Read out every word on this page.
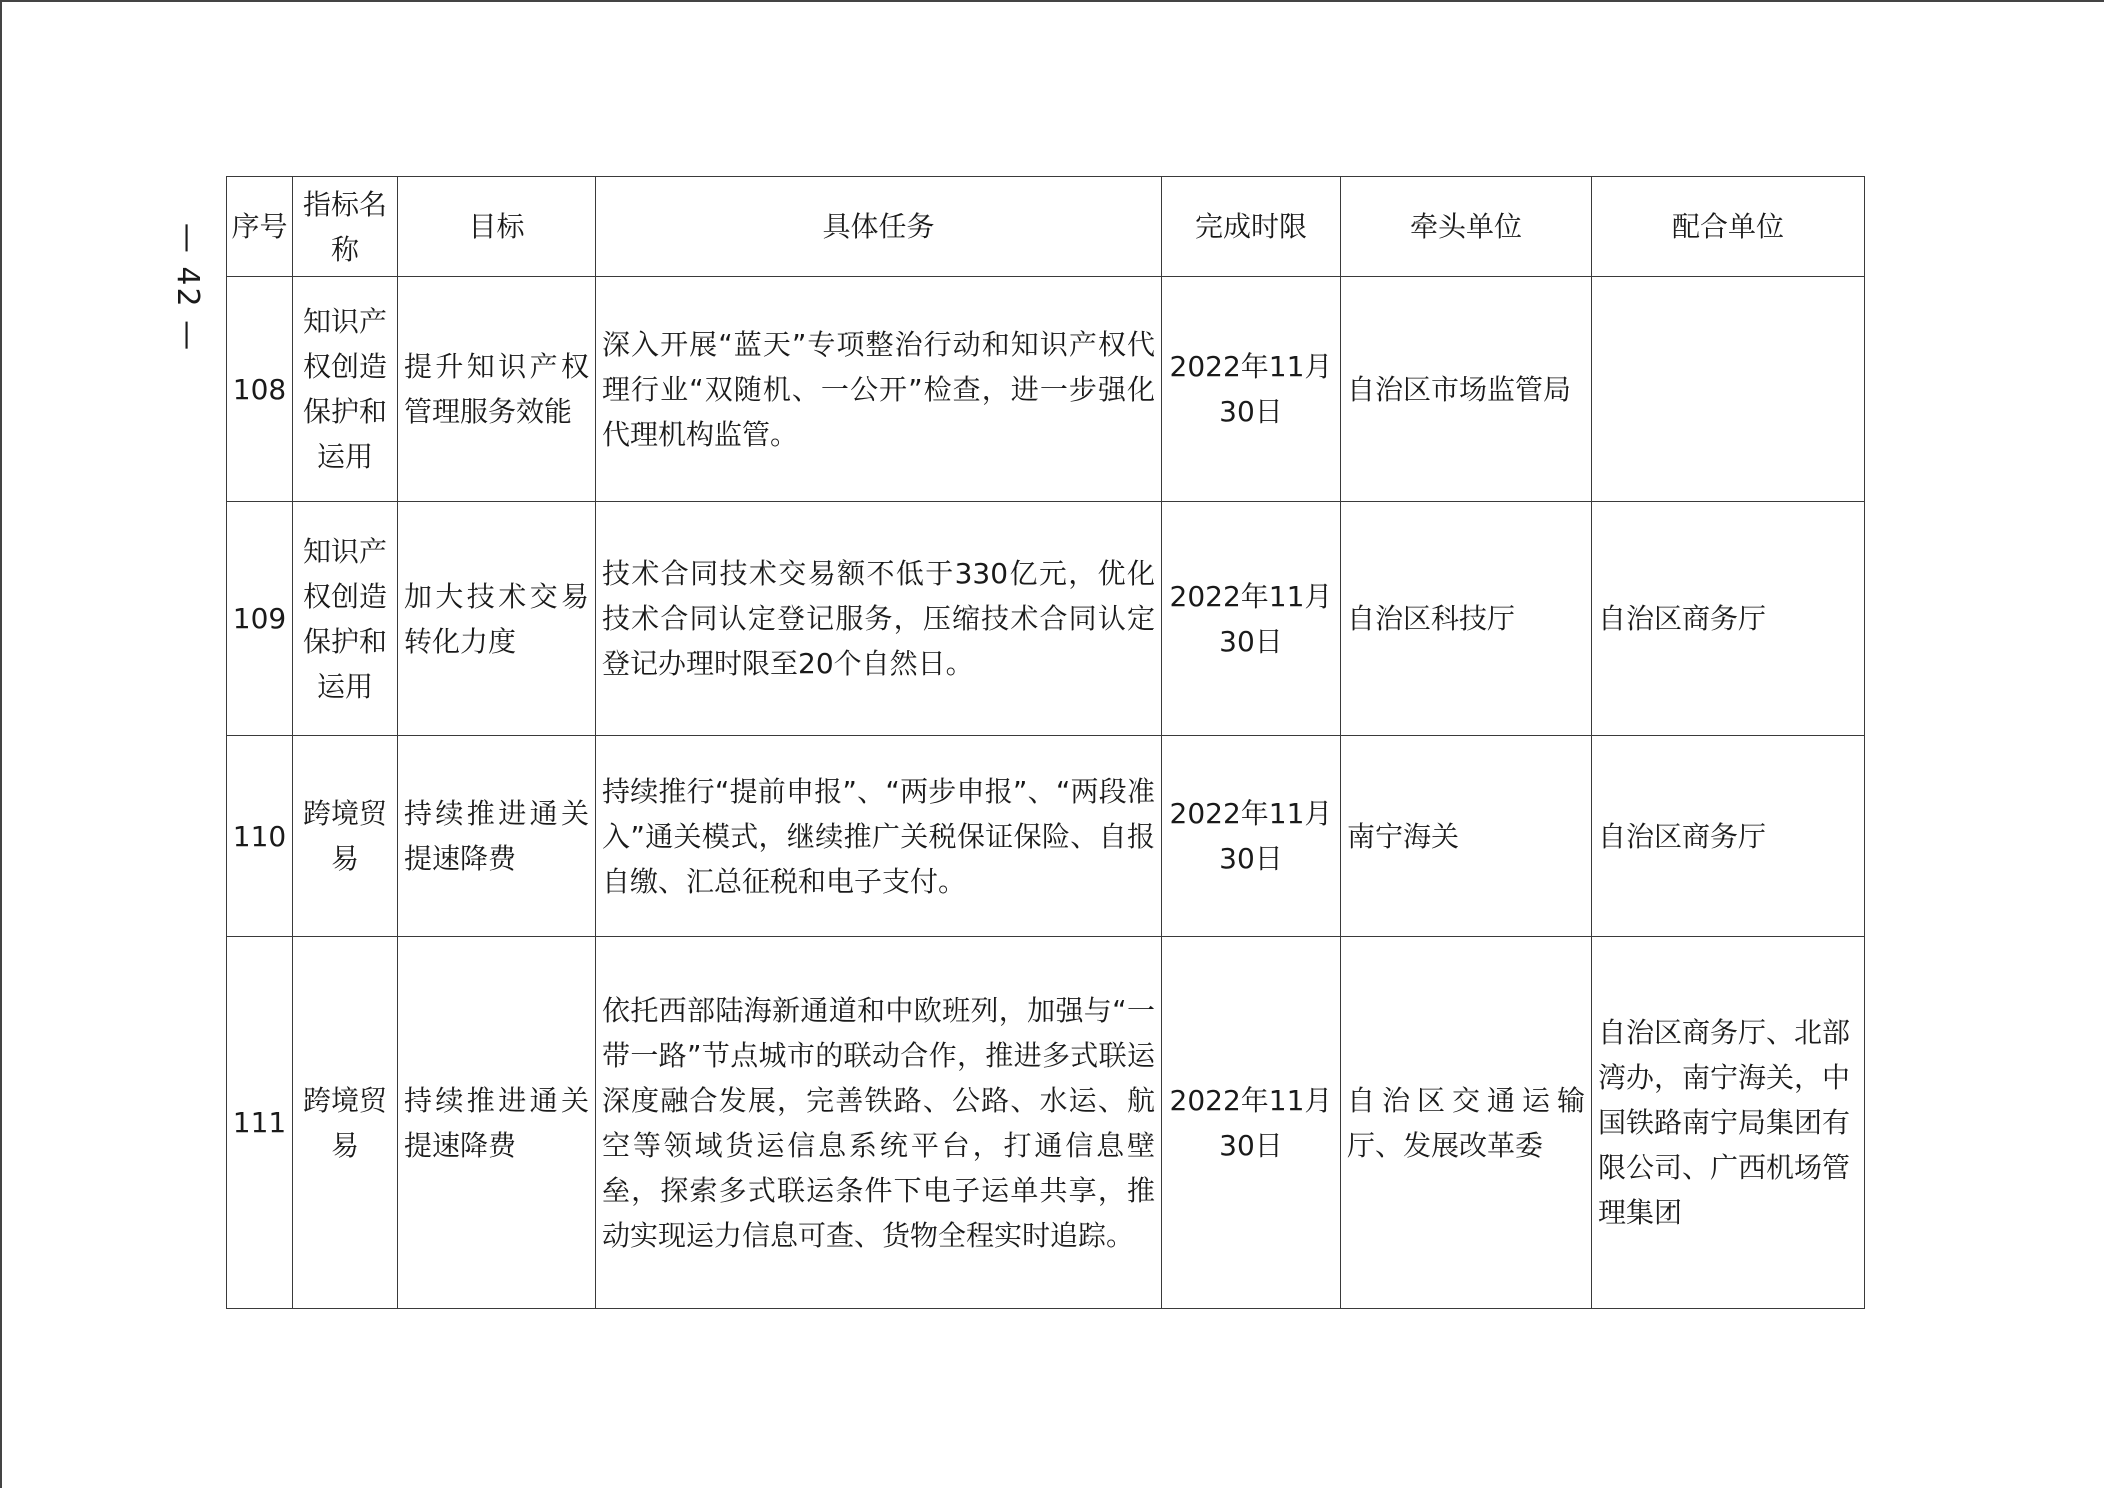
— 42 — 序号	指标名称	目标	具体任务	完成时限	牵头单位	配合单位
108	知识产权创造保护和运用	提升知识产权管理服务效能	深入开展“蓝天”专项整治行动和知识产权代理行业“双随机、一公开”检查，进一步强化代理机构监管。	2022年11月30日	自治区市场监管局	
109	知识产权创造保护和运用	加大技术交易转化力度	技术合同技术交易额不低于330亿元，优化技术合同认定登记服务，压缩技术合同认定登记办理时限至20个自然日。	2022年11月30日	自治区科技厅	自治区商务厅
110	跨境贸易	持续推进通关提速降费	持续推行“提前申报”、“两步申报”、“两段准入”通关模式，继续推广关税保证保险、自报自缴、汇总征税和电子支付。	2022年11月30日	南宁海关	自治区商务厅
111	跨境贸易	持续推进通关提速降费	依托西部陆海新通道和中欧班列，加强与“一带一路”节点城市的联动合作，推进多式联运深度融合发展，完善铁路、公路、水运、航空等领域货运信息系统平台，打通信息壁垒，探索多式联运条件下电子运单共享，推动实现运力信息可查、货物全程实时追踪。	2022年11月30日	自治区交通运输厅、发展改革委	自治区商务厅、北部湾办，南宁海关，中国铁路南宁局集团有限公司、广西机场管理集团
